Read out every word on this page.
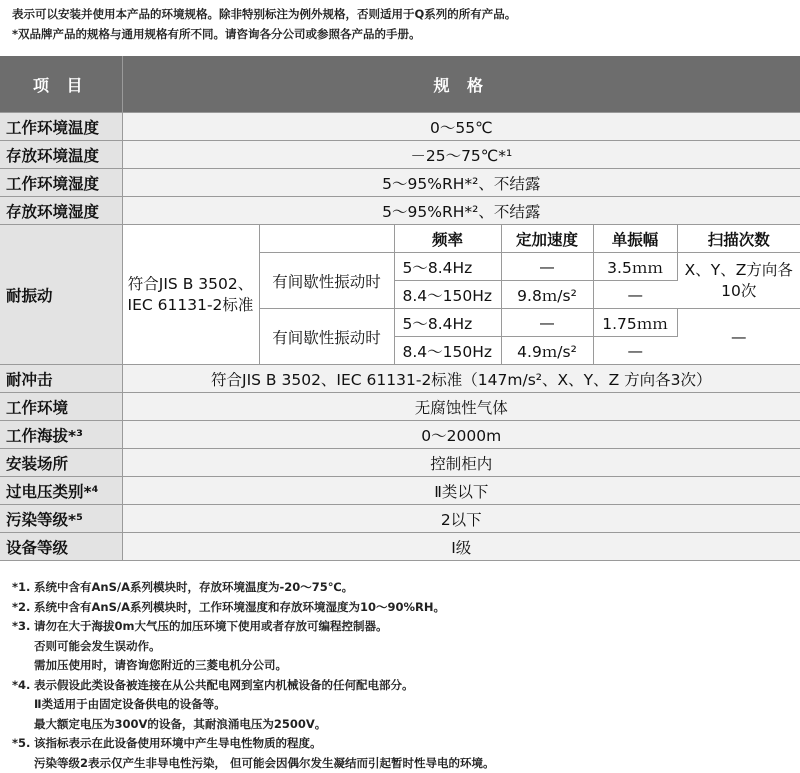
表示可以安装并使用本产品的环境规格。除非特别标注为例外规格，否则适用于Q系列的所有产品。
*双品牌产品的规格与通用规格有所不同。请咨询各分公司或参照各产品的手册。
项 目	规 格					
工作环境温度	0～55℃					
存放环境温度	－25～75℃*¹					
工作环境湿度	5～95%RH*²、不结露					
存放环境湿度	5～95%RH*²、不结露					
耐振动	符合JIS B 3502、IEC 61131-2标准		频率	定加速度	单振幅	扫描次数
		有间歇性振动时	5～8.4Hz	—	3.5ｍｍ	X、Y、Z方向各10次
			8.4～150Hz	9.8ｍ/s²	—	
		有间歇性振动时	5～8.4Hz	—	1.75ｍｍ	—
			8.4～150Hz	4.9ｍ/s²	—	
耐冲击	符合JIS B 3502、IEC 61131-2标准（147m/s²、X、Y、Z 方向各3次）					
工作环境	无腐蚀性气体					
工作海拔*³	0～2000m					
安装场所	控制柜内					
过电压类别*⁴	Ⅱ类以下					
污染等级*⁵	2以下					
设备等级	Ⅰ级					
*1. 系统中含有AnS/A系列模块时，存放环境温度为-20～75℃。
*2. 系统中含有AnS/A系列模块时，工作环境湿度和存放环境湿度为10～90%RH。
*3. 请勿在大于海拔0m大气压的加压环境下使用或者存放可编程控制器。
否则可能会发生误动作。
需加压使用时，请咨询您附近的三菱电机分公司。
*4. 表示假设此类设备被连接在从公共配电网到室内机械设备的任何配电部分。
Ⅱ类适用于由固定设备供电的设备等。
最大额定电压为300V的设备，其耐浪涌电压为2500V。
*5. 该指标表示在此设备使用环境中产生导电性物质的程度。
污染等级2表示仅产生非导电性污染， 但可能会因偶尔发生凝结而引起暂时性导电的环境。
